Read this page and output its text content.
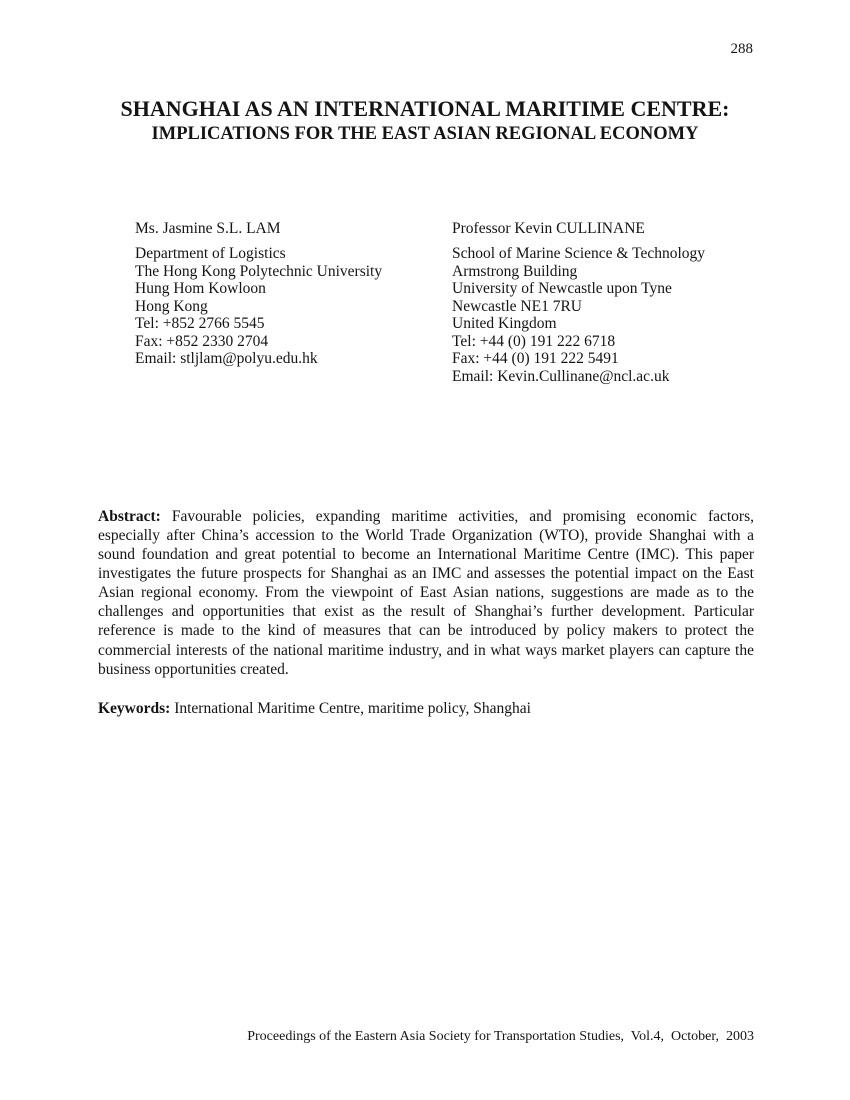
288
SHANGHAI AS AN INTERNATIONAL MARITIME CENTRE:
IMPLICATIONS FOR THE EAST ASIAN REGIONAL ECONOMY
Ms. Jasmine S.L. LAM
Department of Logistics
The Hong Kong Polytechnic University
Hung Hom Kowloon
Hong Kong
Tel: +852 2766 5545
Fax: +852 2330 2704
Email: stljlam@polyu.edu.hk
Professor Kevin CULLINANE
School of Marine Science & Technology
Armstrong Building
University of Newcastle upon Tyne
Newcastle NE1 7RU
United Kingdom
Tel: +44 (0) 191 222 6718
Fax: +44 (0) 191 222 5491
Email: Kevin.Cullinane@ncl.ac.uk

Abstract: Favourable policies, expanding maritime activities, and promising economic factors, especially after China’s accession to the World Trade Organization (WTO), provide Shanghai with a sound foundation and great potential to become an International Maritime Centre (IMC). This paper investigates the future prospects for Shanghai as an IMC and assesses the potential impact on the East Asian regional economy. From the viewpoint of East Asian nations, suggestions are made as to the challenges and opportunities that exist as the result of Shanghai’s further development. Particular reference is made to the kind of measures that can be introduced by policy makers to protect the commercial interests of the national maritime industry, and in what ways market players can capture the business opportunities created.

Keywords: International Maritime Centre, maritime policy, Shanghai

Proceedings of the Eastern Asia Society for Transportation Studies,  Vol.4,  October,  2003
